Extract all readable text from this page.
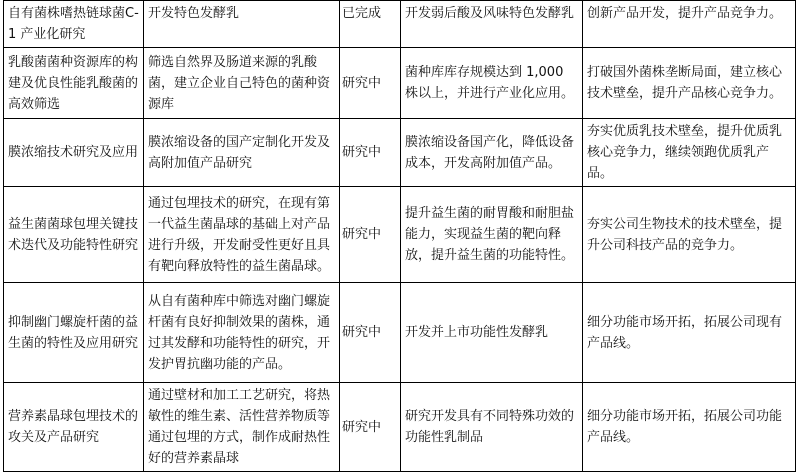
自有菌株嗜热链球菌C-1 产业化研究	开发特色发酵乳	已完成	开发弱后酸及风味特色发酵乳	创新产品开发，提升产品竞争力。
乳酸菌菌种资源库的构建及优良性能乳酸菌的高效筛选	筛选自然界及肠道来源的乳酸菌，建立企业自己特色的菌种资源库	研究中	菌种库库存规模达到 1,000 株以上，并进行产业化应用。	打破国外菌株垄断局面，建立核心技术壁垒，提升产品核心竞争力。
膜浓缩技术研究及应用	膜浓缩设备的国产定制化开发及高附加值产品研究	研究中	膜浓缩设备国产化，降低设备成本，开发高附加值产品。	夯实优质乳技术壁垒，提升优质乳核心竞争力，继续领跑优质乳产品。
益生菌菌球包埋关键技术迭代及功能特性研究	通过包埋技术的研究，在现有第一代益生菌晶球的基础上对产品进行升级，开发耐受性更好且具有靶向释放特性的益生菌晶球。	研究中	提升益生菌的耐胃酸和耐胆盐能力，实现益生菌的靶向释放，提升益生菌的功能特性。	夯实公司生物技术的技术壁垒，提升公司科技产品的竞争力。
抑制幽门螺旋杆菌的益生菌的特性及应用研究	从自有菌种库中筛选对幽门螺旋杆菌有良好抑制效果的菌株，通过其发酵和功能特性的研究，开发护胃抗幽功能的产品。	研究中	开发并上市功能性发酵乳	细分功能市场开拓，拓展公司现有产品线。
营养素晶球包埋技术的攻关及产品研究	通过壁材和加工工艺研究，将热敏性的维生素、活性营养物质等通过包埋的方式，制作成耐热性好的营养素晶球	研究中	研究开发具有不同特殊功效的功能性乳制品	细分功能市场开拓，拓展公司功能产品线。
